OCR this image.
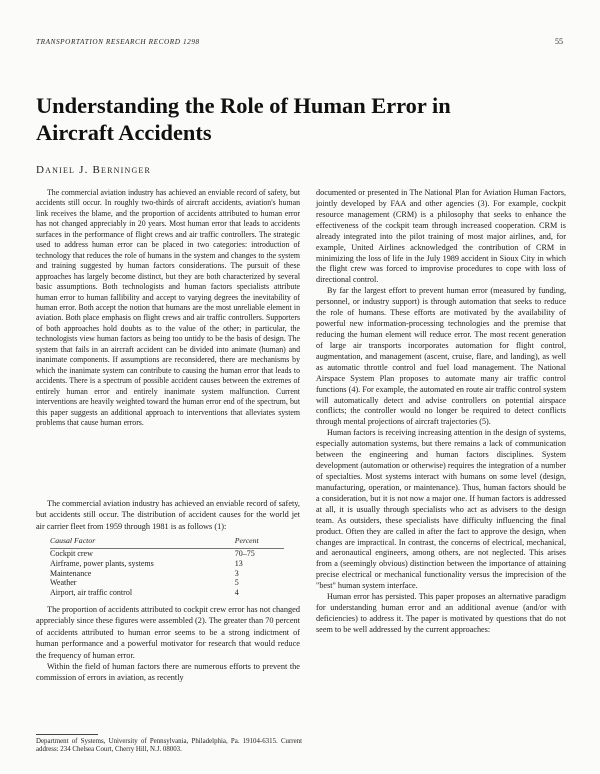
TRANSPORTATION RESEARCH RECORD 1298	55
Understanding the Role of Human Error in Aircraft Accidents
Daniel J. Berninger

The commercial aviation industry has achieved an enviable record of safety, but accidents still occur. In roughly two-thirds of aircraft accidents, aviation's human link receives the blame, and the proportion of accidents attributed to human error has not changed appreciably in 20 years. Most human error that leads to accidents surfaces in the performance of flight crews and air traffic controllers. The strategic used to address human error can be placed in two categories: introduction of technology that reduces the role of humans in the system and changes to the system and training suggested by human factors considerations. The pursuit of these approaches has largely become distinct, but they are both characterized by several basic assumptions. Both technologists and human factors specialists attribute human error to human fallibility and accept to varying degrees the inevitability of human error. Both accept the notion that humans are the most unreliable element in aviation. Both place emphasis on flight crews and air traffic controllers. Supporters of both approaches hold doubts as to the value of the other; in particular, the technologists view human factors as being too untidy to be the basis of design. The system that fails in an aircraft accident can be divided into animate (human) and inanimate components. If assumptions are reconsidered, there are mechanisms by which the inanimate system can contribute to causing the human error that leads to accidents. There is a spectrum of possible accident causes between the extremes of entirely human error and entirely inanimate system malfunction. Current interventions are heavily weighted toward the human error end of the spectrum, but this paper suggests an additional approach to interventions that alleviates system problems that cause human errors.

The commercial aviation industry has achieved an enviable record of safety, but accidents still occur. The distribution of accident causes for the world jet air carrier fleet from 1959 through 1981 is as follows (1):

Causal Factor	Percent
Cockpit crew	70–75
Airframe, power plants, systems	13
Maintenance	3
Weather	5
Airport, air traffic control	4

The proportion of accidents attributed to cockpit crew error has not changed appreciably since these figures were assembled (2). The greater than 70 percent of accidents attributed to human error seems to be a strong indictment of human performance and a powerful motivator for research that would reduce the frequency of human error.

Within the field of human factors there are numerous efforts to prevent the commission of errors in aviation, as recently

documented or presented in The National Plan for Aviation Human Factors, jointly developed by FAA and other agencies (3). For example, cockpit resource management (CRM) is a philosophy that seeks to enhance the effectiveness of the cockpit team through increased cooperation. CRM is already integrated into the pilot training of most major airlines, and, for example, United Airlines acknowledged the contribution of CRM in minimizing the loss of life in the July 1989 accident in Sioux City in which the flight crew was forced to improvise procedures to cope with loss of directional control.

By far the largest effort to prevent human error (measured by funding, personnel, or industry support) is through automation that seeks to reduce the role of humans. These efforts are motivated by the availability of powerful new information-processing technologies and the premise that reducing the human element will reduce error. The most recent generation of large air transports incorporates automation for flight control, augmentation, and management (ascent, cruise, flare, and landing), as well as automatic throttle control and fuel load management. The National Airspace System Plan proposes to automate many air traffic control functions (4). For example, the automated en route air traffic control system will automatically detect and advise controllers on potential airspace conflicts; the controller would no longer be required to detect conflicts through mental projections of aircraft trajectories (5).

Human factors is receiving increasing attention in the design of systems, especially automation systems, but there remains a lack of communication between the engineering and human factors disciplines. System development (automation or otherwise) requires the integration of a number of specialties. Most systems interact with humans on some level (design, manufacturing, operation, or maintenance). Thus, human factors should be a consideration, but it is not now a major one. If human factors is addressed at all, it is usually through specialists who act as advisers to the design team. As outsiders, these specialists have difficulty influencing the final product. Often they are called in after the fact to approve the design, when changes are impractical. In contrast, the concerns of electrical, mechanical, and aeronautical engineers, among others, are not neglected. This arises from a (seemingly obvious) distinction between the importance of attaining precise electrical or mechanical functionality versus the imprecision of the "best" human system interface.

Human error has persisted. This paper proposes an alternative paradigm for understanding human error and an additional avenue (and/or with deficiencies) to address it. The paper is motivated by questions that do not seem to be well addressed by the current approaches:

Department of Systems, University of Pennsylvania, Philadelphia, Pa. 19104-6315. Current address: 234 Chelsea Court, Cherry Hill, N.J. 08003.
